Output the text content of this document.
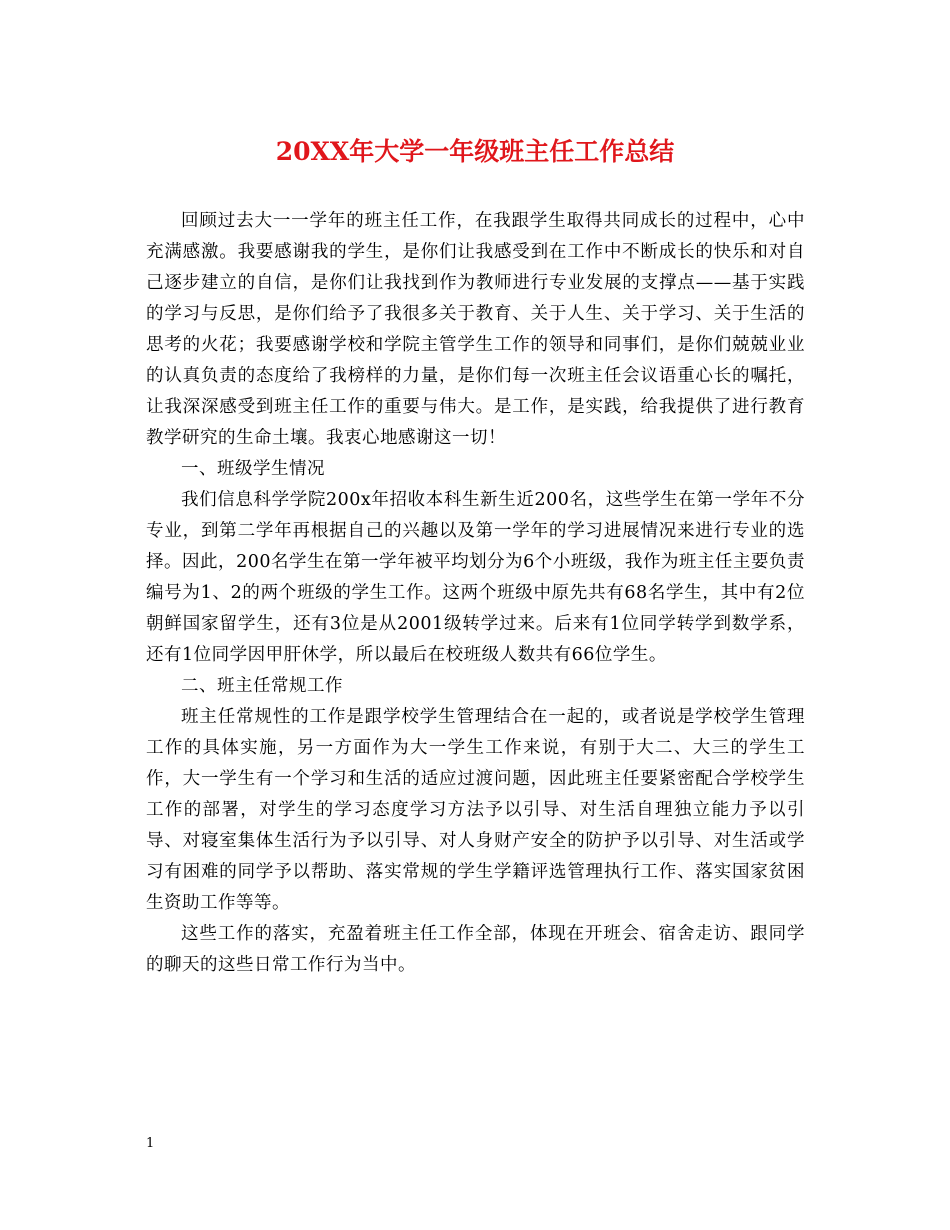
20XX年大学一年级班主任工作总结

回顾过去大一一学年的班主任工作，在我跟学生取得共同成长的过程中，心中充满感激。我要感谢我的学生，是你们让我感受到在工作中不断成长的快乐和对自己逐步建立的自信，是你们让我找到作为教师进行专业发展的支撑点——基于实践的学习与反思，是你们给予了我很多关于教育、关于人生、关于学习、关于生活的思考的火花；我要感谢学校和学院主管学生工作的领导和同事们，是你们兢兢业业的认真负责的态度给了我榜样的力量，是你们每一次班主任会议语重心长的嘱托，让我深深感受到班主任工作的重要与伟大。是工作，是实践，给我提供了进行教育教学研究的生命土壤。我衷心地感谢这一切！

一、班级学生情况

我们信息科学学院200x年招收本科生新生近200名，这些学生在第一学年不分专业，到第二学年再根据自己的兴趣以及第一学年的学习进展情况来进行专业的选择。因此，200名学生在第一学年被平均划分为6个小班级，我作为班主任主要负责编号为1、2的两个班级的学生工作。这两个班级中原先共有68名学生，其中有2位朝鲜国家留学生，还有3位是从2001级转学过来。后来有1位同学转学到数学系，还有1位同学因甲肝休学，所以最后在校班级人数共有66位学生。

二、班主任常规工作

班主任常规性的工作是跟学校学生管理结合在一起的，或者说是学校学生管理工作的具体实施，另一方面作为大一学生工作来说，有别于大二、大三的学生工作，大一学生有一个学习和生活的适应过渡问题，因此班主任要紧密配合学校学生工作的部署，对学生的学习态度学习方法予以引导、对生活自理独立能力予以引导、对寝室集体生活行为予以引导、对人身财产安全的防护予以引导、对生活或学习有困难的同学予以帮助、落实常规的学生学籍评选管理执行工作、落实国家贫困生资助工作等等。

这些工作的落实，充盈着班主任工作全部，体现在开班会、宿舍走访、跟同学的聊天的这些日常工作行为当中。

1
